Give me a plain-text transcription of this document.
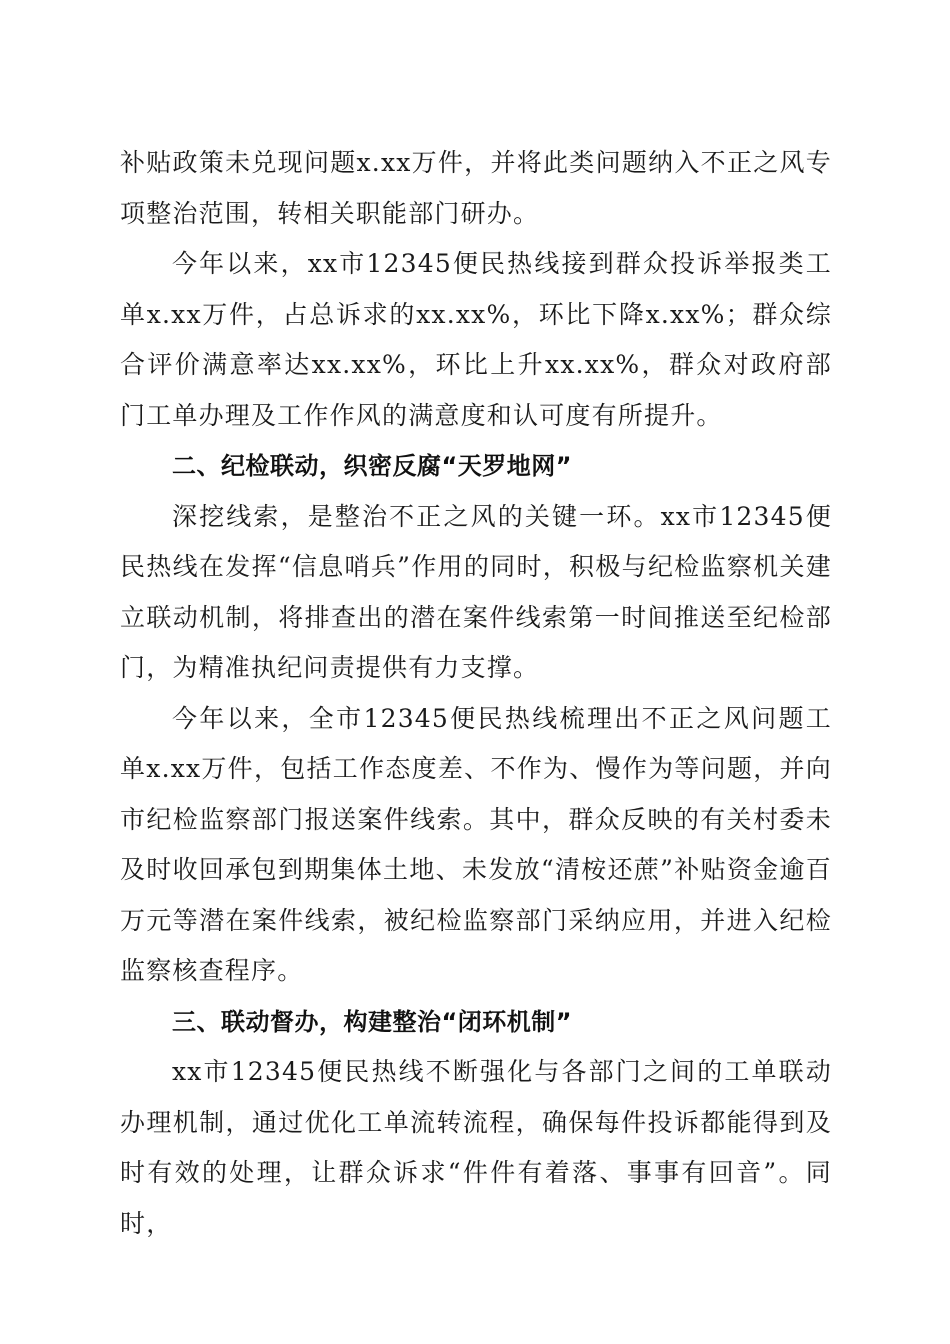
补贴政策未兑现问题x.xx万件，并将此类问题纳入不正之风专项整治范围，转相关职能部门研办。

今年以来，xx市12345便民热线接到群众投诉举报类工单x.xx万件，占总诉求的xx.xx%，环比下降x.xx%；群众综合评价满意率达xx.xx%，环比上升xx.xx%，群众对政府部门工单办理及工作作风的满意度和认可度有所提升。

二、纪检联动，织密反腐“天罗地网”

深挖线索，是整治不正之风的关键一环。xx市12345便民热线在发挥“信息哨兵”作用的同时，积极与纪检监察机关建立联动机制，将排查出的潜在案件线索第一时间推送至纪检部门，为精准执纪问责提供有力支撑。

今年以来，全市12345便民热线梳理出不正之风问题工单x.xx万件，包括工作态度差、不作为、慢作为等问题，并向市纪检监察部门报送案件线索。其中，群众反映的有关村委未及时收回承包到期集体土地、未发放“清桉还蔗”补贴资金逾百万元等潜在案件线索，被纪检监察部门采纳应用，并进入纪检监察核查程序。

三、联动督办，构建整治“闭环机制”

xx市12345便民热线不断强化与各部门之间的工单联动办理机制，通过优化工单流转流程，确保每件投诉都能得到及时有效的处理，让群众诉求“件件有着落、事事有回音”。同时，
